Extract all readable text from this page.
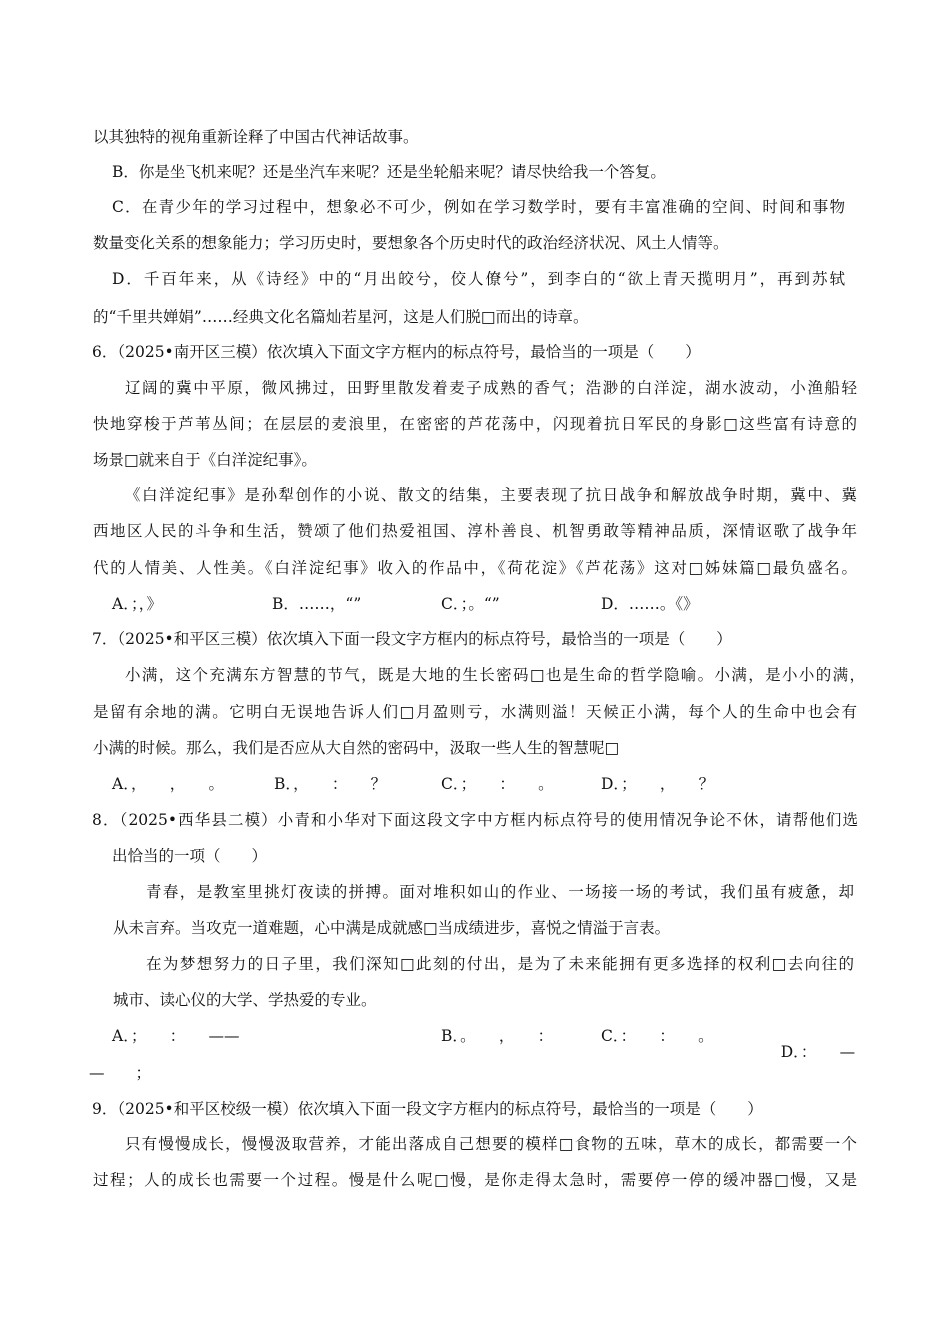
以其独特的视角重新诠释了中国古代神话故事。
B．你是坐飞机来呢？还是坐汽车来呢？还是坐轮船来呢？请尽快给我一个答复。
C．在青少年的学习过程中，想象必不可少，例如在学习数学时，要有丰富准确的空间、时间和事物
数量变化关系的想象能力；学习历史时，要想象各个历史时代的政治经济状况、风土人情等。
D．千百年来，从《诗经》中的“月出皎兮，佼人僚兮”，到李白的“欲上青天揽明月”，再到苏轼
的“千里共婵娟”……经典文化名篇灿若星河，这是人们脱□而出的诗章。
6．（2025•南开区三模）依次填入下面文字方框内的标点符号，最恰当的一项是（　　）
辽阔的冀中平原，微风拂过，田野里散发着麦子成熟的香气；浩渺的白洋淀，湖水波动，小渔船轻
快地穿梭于芦苇丛间；在层层的麦浪里，在密密的芦花荡中，闪现着抗日军民的身影□这些富有诗意的
场景□就来自于《白洋淀纪事》。
《白洋淀纪事》是孙犁创作的小说、散文的结集，主要表现了抗日战争和解放战争时期，冀中、冀
西地区人民的斗争和生活，赞颂了他们热爱祖国、淳朴善良、机智勇敢等精神品质，深情讴歌了战争年
代的人情美、人性美。《白洋淀纪事》收入的作品中，《荷花淀》《芦花荡》这对□姊妹篇□最负盛名。
A．；，》	B．……，“”	C．；。“”	D．……。《》
7．（2025•和平区三模）依次填入下面一段文字方框内的标点符号，最恰当的一项是（　　）
小满，这个充满东方智慧的节气，既是大地的生长密码□也是生命的哲学隐喻。小满，是小小的满，
是留有余地的满。它明白无误地告诉人们□月盈则亏，水满则溢！天候正小满，每个人的生命中也会有
小满的时候。那么，我们是否应从大自然的密码中，汲取一些人生的智慧呢□
A．，　　，　　。	B．，　　：　　？	C．；　　：　　。	D．；　　，　　？
8．（2025•西华县二模）小青和小华对下面这段文字中方框内标点符号的使用情况争论不休，请帮他们选
出恰当的一项（　　）
青春，是教室里挑灯夜读的拼搏。面对堆积如山的作业、一场接一场的考试，我们虽有疲惫，却
从未言弃。当攻克一道难题，心中满是成就感□当成绩进步，喜悦之情溢于言表。
在为梦想努力的日子里，我们深知□此刻的付出，是为了未来能拥有更多选择的权利□去向往的
城市、读心仪的大学、学热爱的专业。
A．；　　：　　——	B．。　　，　　：	C．：　　：　　。

D．：　　—

—　　；
9．（2025•和平区校级一模）依次填入下面一段文字方框内的标点符号，最恰当的一项是（　　）
只有慢慢成长，慢慢汲取营养，才能出落成自己想要的模样□食物的五味，草木的成长，都需要一个
过程；人的成长也需要一个过程。慢是什么呢□慢，是你走得太急时，需要停一停的缓冲器□慢，又是
